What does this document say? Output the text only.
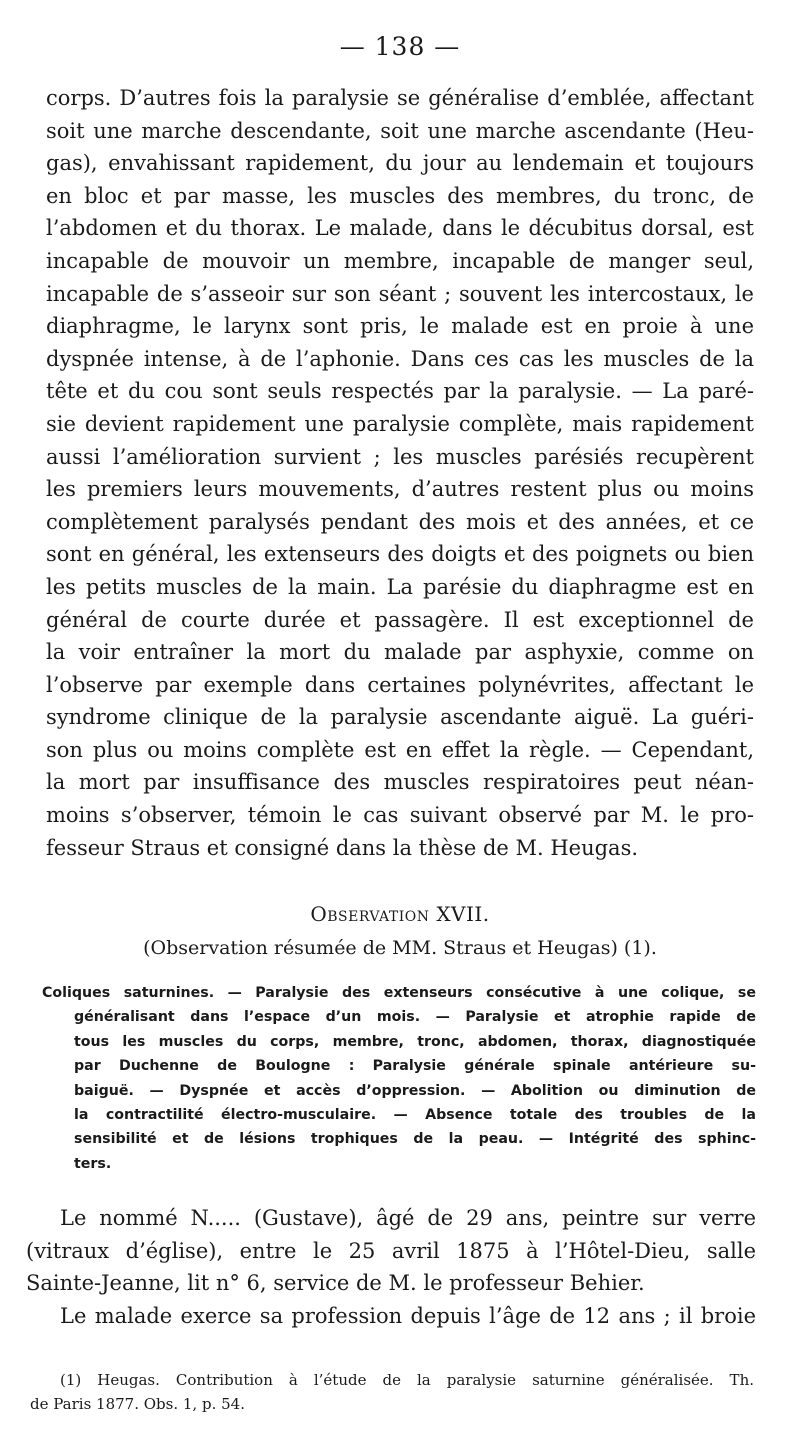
— 138 —
corps. D’autres fois la paralysie se généralise d’emblée, affectant
soit une marche descendante, soit une marche ascendante (Heu-
gas), envahissant rapidement, du jour au lendemain et toujours
en bloc et par masse, les muscles des membres, du tronc, de
l’abdomen et du thorax. Le malade, dans le décubitus dorsal, est
incapable de mouvoir un membre, incapable de manger seul,
incapable de s’asseoir sur son séant ; souvent les intercostaux, le
diaphragme, le larynx sont pris, le malade est en proie à une
dyspnée intense, à de l’aphonie. Dans ces cas les muscles de la
tête et du cou sont seuls respectés par la paralysie. — La paré-
sie devient rapidement une paralysie complète, mais rapidement
aussi l’amélioration survient ; les muscles parésiés recupèrent
les premiers leurs mouvements, d’autres restent plus ou moins
complètement paralysés pendant des mois et des années, et ce
sont en général, les extenseurs des doigts et des poignets ou bien
les petits muscles de la main. La parésie du diaphragme est en
général de courte durée et passagère. Il est exceptionnel de
la voir entraîner la mort du malade par asphyxie, comme on
l’observe par exemple dans certaines polynévrites, affectant le
syndrome clinique de la paralysie ascendante aiguë. La guéri-
son plus ou moins complète est en effet la règle. — Cependant,
la mort par insuffisance des muscles respiratoires peut néan-
moins s’observer, témoin le cas suivant observé par M. le pro-
fesseur Straus et consigné dans la thèse de M. Heugas.
Observation XVII.
(Observation résumée de MM. Straus et Heugas) (1).
Coliques saturnines. — Paralysie des extenseurs consécutive à une colique, se
généralisant dans l’espace d’un mois. — Paralysie et atrophie rapide de
tous les muscles du corps, membre, tronc, abdomen, thorax, diagnostiquée
par Duchenne de Boulogne : Paralysie générale spinale antérieure su-
baiguë. — Dyspnée et accès d’oppression. — Abolition ou diminution de
la contractilité électro-musculaire. — Absence totale des troubles de la
sensibilité et de lésions trophiques de la peau. — Intégrité des sphinc-
ters.
Le nommé N..... (Gustave), âgé de 29 ans, peintre sur verre
(vitraux d’église), entre le 25 avril 1875 à l’Hôtel-Dieu, salle
Sainte-Jeanne, lit n° 6, service de M. le professeur Behier.
Le malade exerce sa profession depuis l’âge de 12 ans ; il broie
(1) Heugas. Contribution à l’étude de la paralysie saturnine généralisée. Th.
de Paris 1877. Obs. 1, p. 54.
